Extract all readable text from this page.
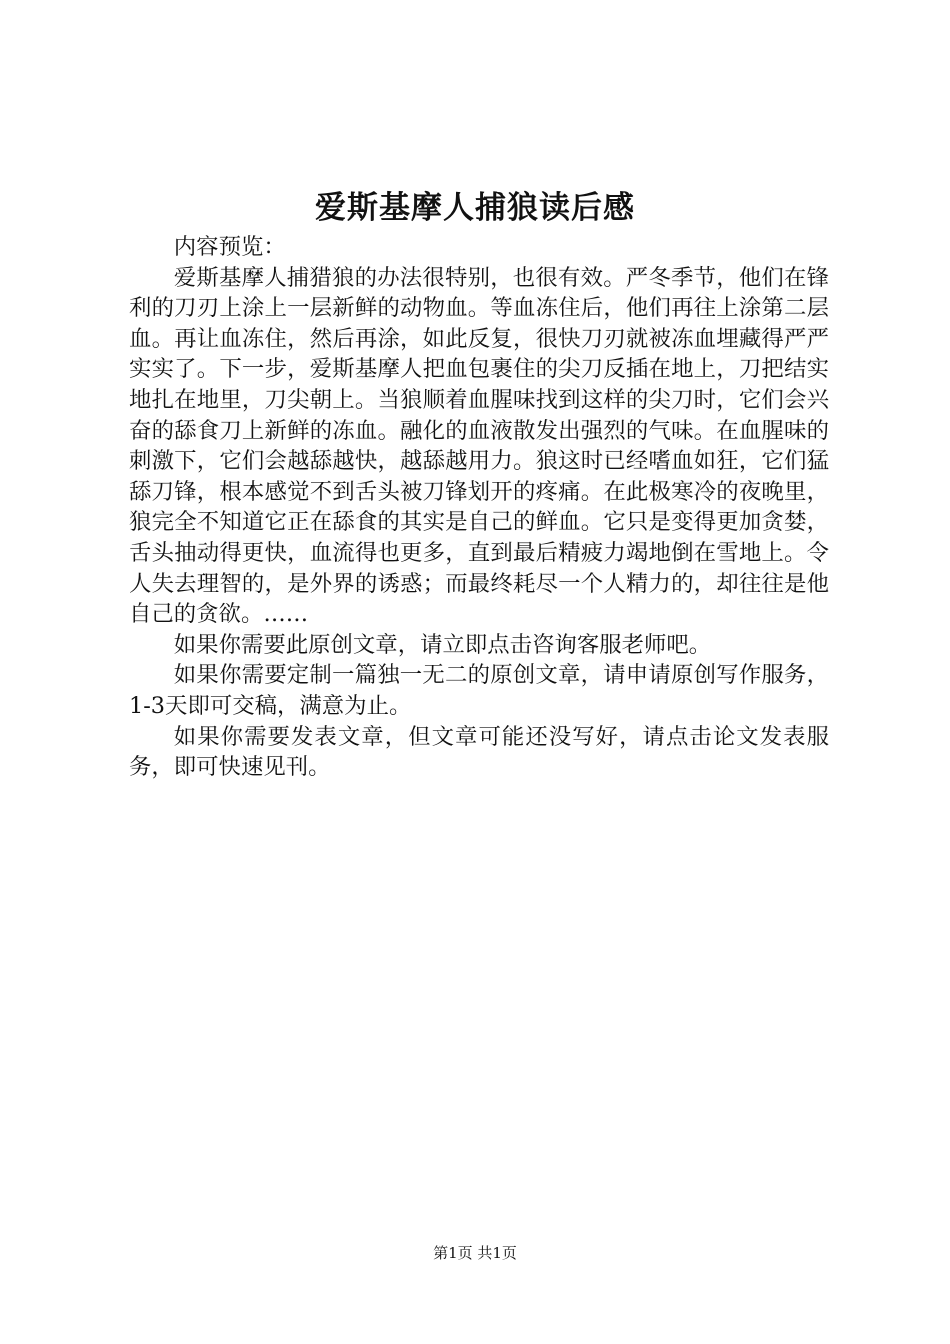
爱斯基摩人捕狼读后感

内容预览：

爱斯基摩人捕猎狼的办法很特别，也很有效。严冬季节，他们在锋利的刀刃上涂上一层新鲜的动物血。等血冻住后，他们再往上涂第二层血。再让血冻住，然后再涂，如此反复，很快刀刃就被冻血埋藏得严严实实了。下一步，爱斯基摩人把血包裹住的尖刀反插在地上，刀把结实地扎在地里，刀尖朝上。当狼顺着血腥味找到这样的尖刀时，它们会兴奋的舔食刀上新鲜的冻血。融化的血液散发出强烈的气味。在血腥味的刺激下，它们会越舔越快，越舔越用力。狼这时已经嗜血如狂，它们猛舔刀锋，根本感觉不到舌头被刀锋划开的疼痛。在此极寒冷的夜晚里，狼完全不知道它正在舔食的其实是自己的鲜血。它只是变得更加贪婪，舌头抽动得更快，血流得也更多，直到最后精疲力竭地倒在雪地上。令人失去理智的，是外界的诱惑；而最终耗尽一个人精力的，却往往是他自己的贪欲。……

如果你需要此原创文章，请立即点击咨询客服老师吧。

如果你需要定制一篇独一无二的原创文章，请申请原创写作服务，1-3天即可交稿，满意为止。

如果你需要发表文章，但文章可能还没写好，请点击论文发表服务，即可快速见刊。

第1页 共1页
